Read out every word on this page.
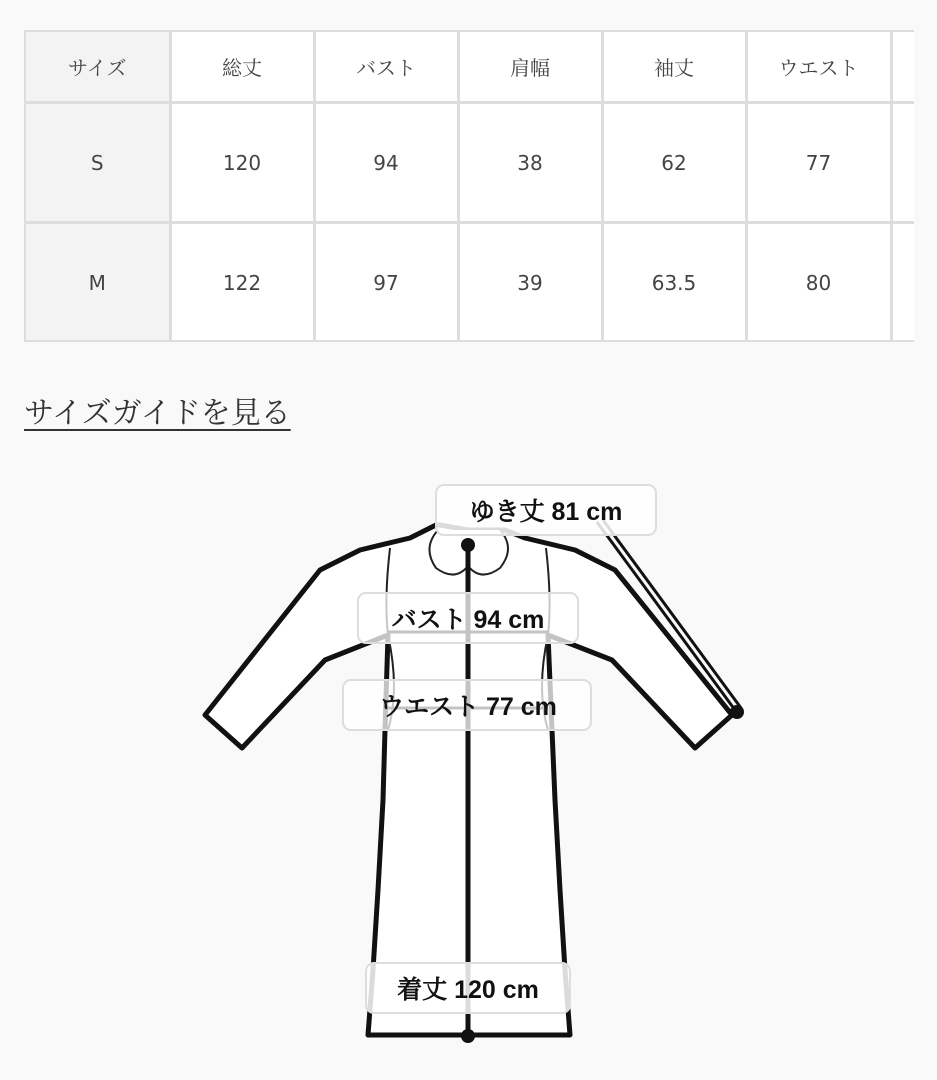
サイズ	総丈	バスト	肩幅	袖丈	ウエスト	
S	120	94	38	62	77	
M	122	97	39	63.5	80	
サイズガイドを見る
ゆき丈 81 cm
バスト 94 cm
ウエスト 77 cm
着丈 120 cm
